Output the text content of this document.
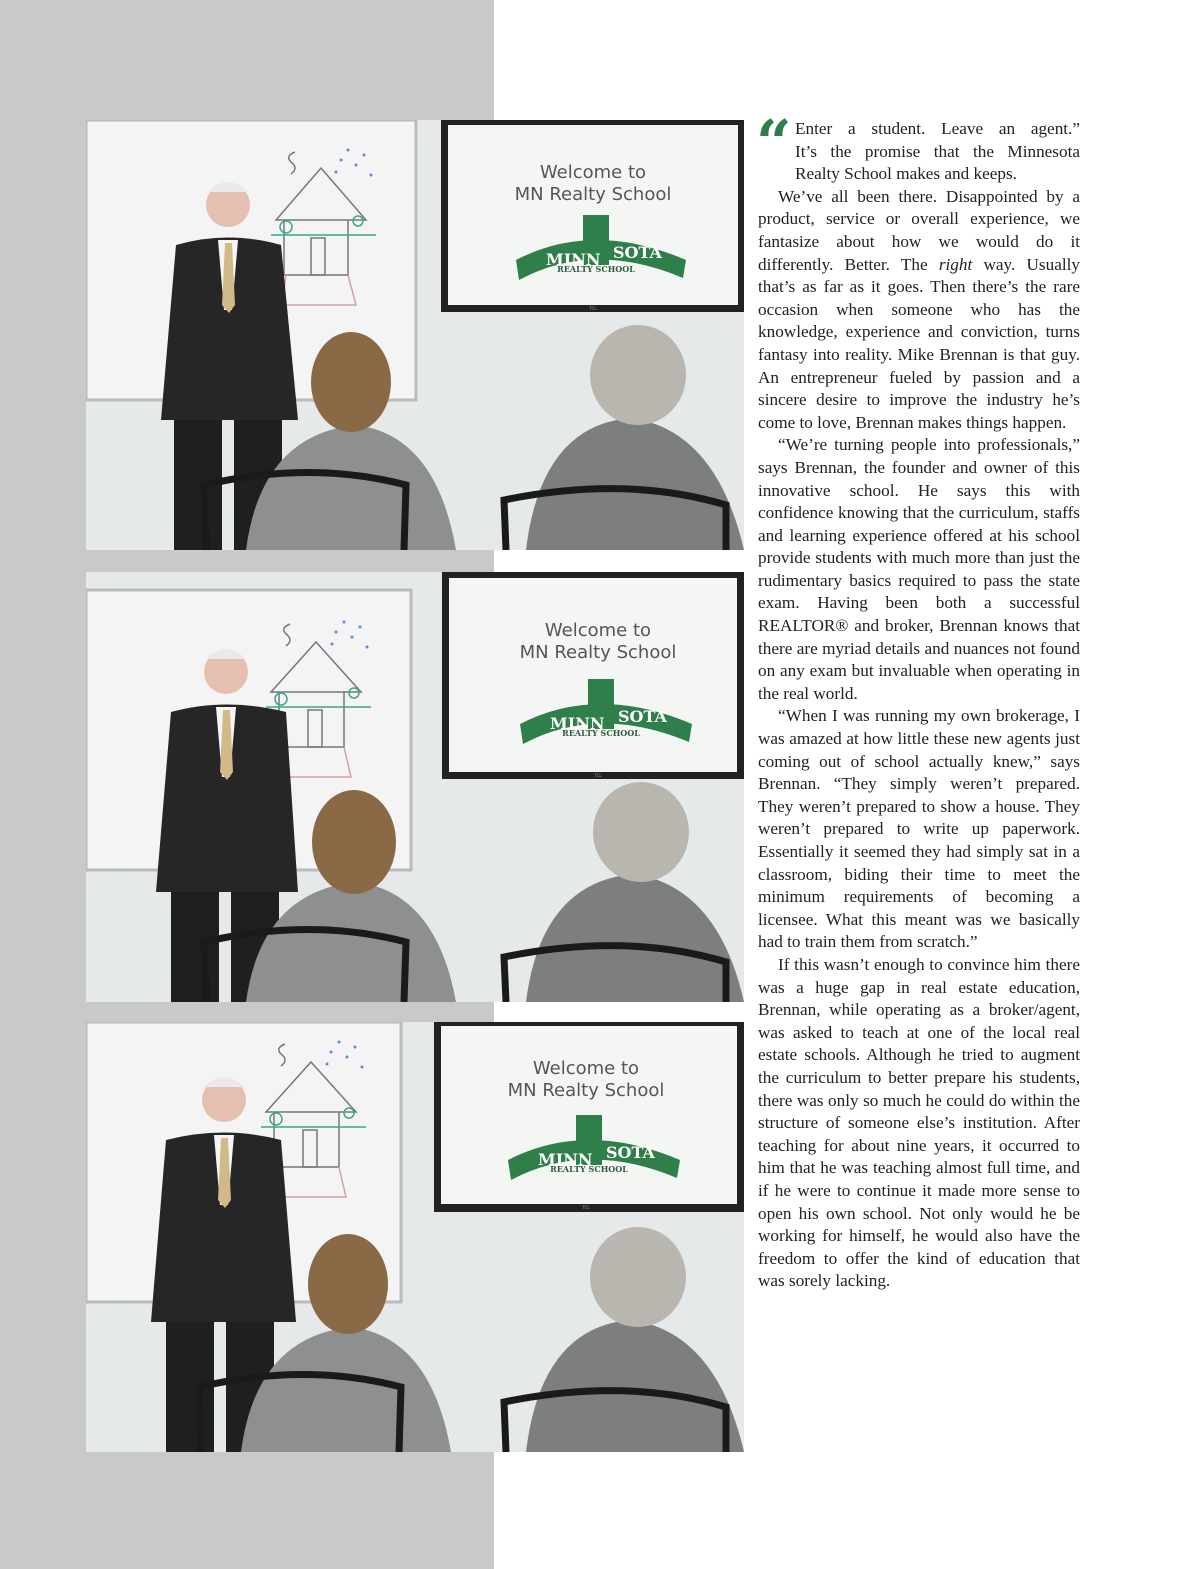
Welcome to
MN Realty School
MINN SOTA
REALTY SCHOOL
TCL
Welcome to
MN Realty School
MINN SOTA
REALTY SCHOOL
TCL
Welcome to
MN Realty School
MINN SOTA
REALTY SCHOOL
TCL
“ Enter a student. Leave an agent.”

It’s the promise that the Minnesota

Realty School makes and keeps.

We’ve all been there. Disappointed by a product, service or overall experience, we fantasize about how we would do it differently. Better. The right way. Usually that’s as far as it goes. Then there’s the rare occasion when someone who has the knowledge, experience and conviction, turns fantasy into reality. Mike Brennan is that guy. An entrepreneur fueled by passion and a sincere desire to improve the industry he’s come to love, Brennan makes things happen.

“We’re turning people into professionals,” says Brennan, the founder and owner of this innovative school. He says this with confidence knowing that the curriculum, staffs and learning experience offered at his school provide students with much more than just the rudimentary basics required to pass the state exam. Having been both a successful REALTOR® and broker, Brennan knows that there are myriad details and nuances not found on any exam but invaluable when operating in the real world.

“When I was running my own brokerage, I was amazed at how little these new agents just coming out of school actually knew,” says Brennan. “They simply weren’t prepared. They weren’t prepared to show a house. They weren’t prepared to write up paperwork. Essentially it seemed they had simply sat in a classroom, biding their time to meet the minimum requirements of becoming a licensee. What this meant was we basically had to train them from scratch.”

If this wasn’t enough to convince him there was a huge gap in real estate education, Brennan, while operating as a broker/agent, was asked to teach at one of the local real estate schools. Although he tried to augment the curriculum to better prepare his students, there was only so much he could do within the structure of someone else’s institution. After teaching for about nine years, it occurred to him that he was teaching almost full time, and if he were to continue it made more sense to open his own school. Not only would he be working for himself, he would also have the freedom to offer the kind of education that was sorely lacking.
